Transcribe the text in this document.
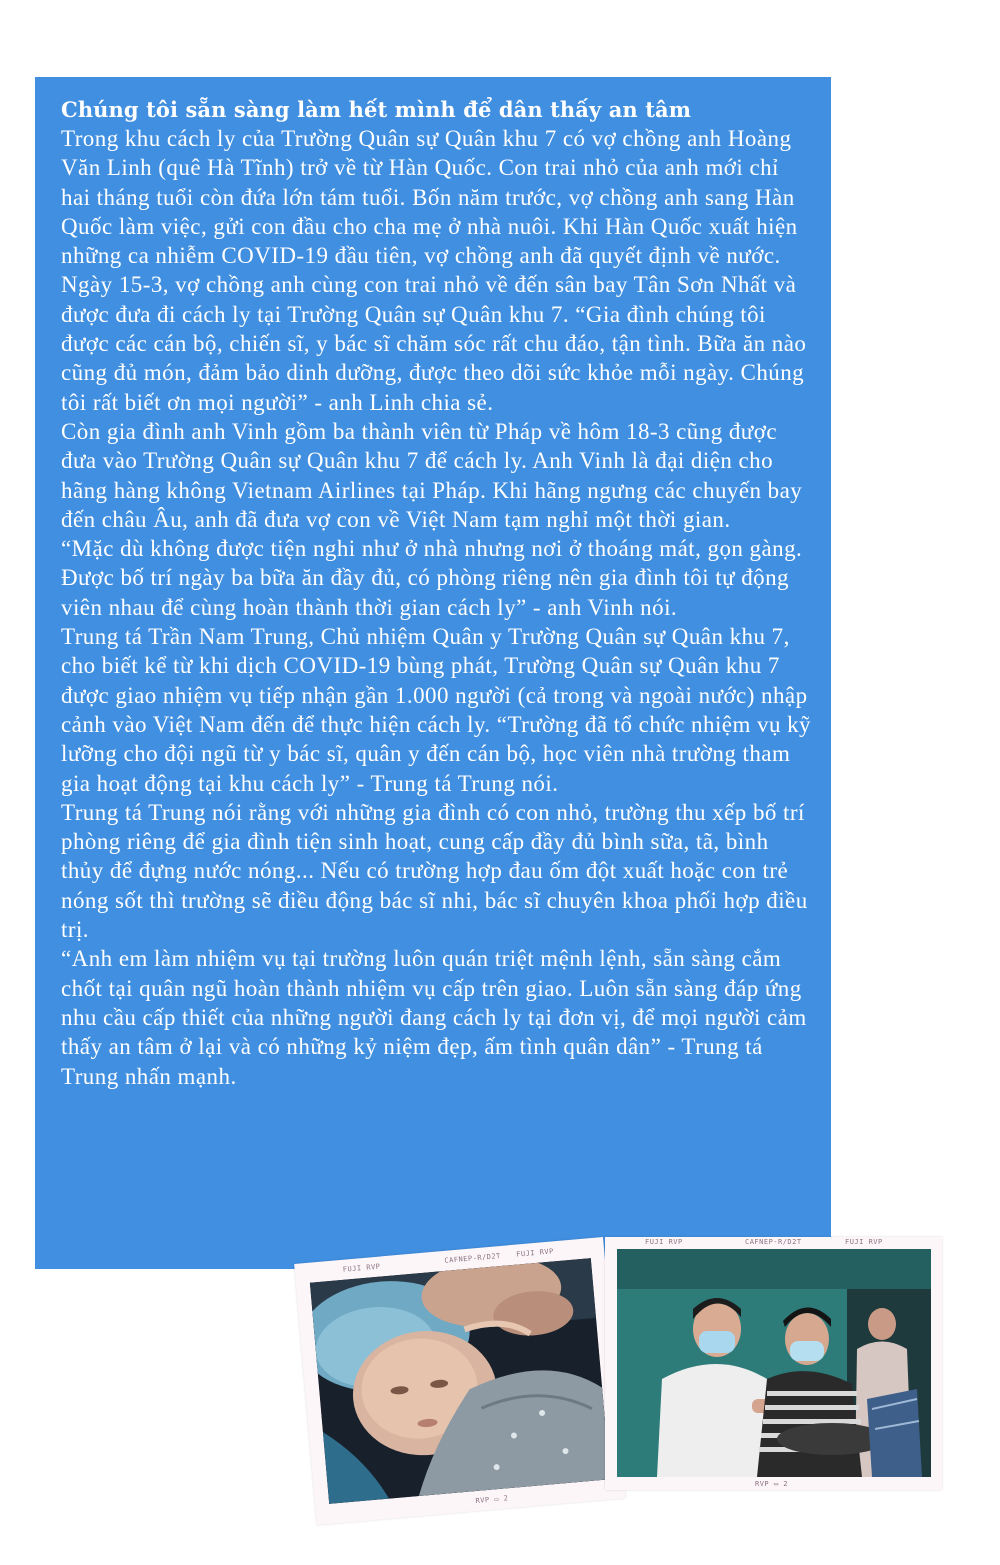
Chúng tôi sẵn sàng làm hết mình để dân thấy an tâm

Trong khu cách ly của Trường Quân sự Quân khu 7 có vợ chồng anh Hoàng Văn Linh (quê Hà Tĩnh) trở về từ Hàn Quốc. Con trai nhỏ của anh mới chỉ hai tháng tuổi còn đứa lớn tám tuổi. Bốn năm trước, vợ chồng anh sang Hàn Quốc làm việc, gửi con đầu cho cha mẹ ở nhà nuôi. Khi Hàn Quốc xuất hiện những ca nhiễm COVID-19 đầu tiên, vợ chồng anh đã quyết định về nước.

Ngày 15-3, vợ chồng anh cùng con trai nhỏ về đến sân bay Tân Sơn Nhất và được đưa đi cách ly tại Trường Quân sự Quân khu 7. “Gia đình chúng tôi được các cán bộ, chiến sĩ, y bác sĩ chăm sóc rất chu đáo, tận tình. Bữa ăn nào cũng đủ món, đảm bảo dinh dưỡng, được theo dõi sức khỏe mỗi ngày. Chúng tôi rất biết ơn mọi người” - anh Linh chia sẻ.

Còn gia đình anh Vinh gồm ba thành viên từ Pháp về hôm 18-3 cũng được đưa vào Trường Quân sự Quân khu 7 để cách ly. Anh Vinh là đại diện cho hãng hàng không Vietnam Airlines tại Pháp. Khi hãng ngưng các chuyến bay đến châu Âu, anh đã đưa vợ con về Việt Nam tạm nghỉ một thời gian.

“Mặc dù không được tiện nghi như ở nhà nhưng nơi ở thoáng mát, gọn gàng. Được bố trí ngày ba bữa ăn đầy đủ, có phòng riêng nên gia đình tôi tự động viên nhau để cùng hoàn thành thời gian cách ly” - anh Vinh nói.

Trung tá Trần Nam Trung, Chủ nhiệm Quân y Trường Quân sự Quân khu 7, cho biết kể từ khi dịch COVID-19 bùng phát, Trường Quân sự Quân khu 7 được giao nhiệm vụ tiếp nhận gần 1.000 người (cả trong và ngoài nước) nhập cảnh vào Việt Nam đến để thực hiện cách ly. “Trường đã tổ chức nhiệm vụ kỹ lưỡng cho đội ngũ từ y bác sĩ, quân y đến cán bộ, học viên nhà trường tham gia hoạt động tại khu cách ly” - Trung tá Trung nói.

Trung tá Trung nói rằng với những gia đình có con nhỏ, trường thu xếp bố trí phòng riêng để gia đình tiện sinh hoạt, cung cấp đầy đủ bình sữa, tã, bình thủy để đựng nước nóng... Nếu có trường hợp đau ốm đột xuất hoặc con trẻ nóng sốt thì trường sẽ điều động bác sĩ nhi, bác sĩ chuyên khoa phối hợp điều trị.

“Anh em làm nhiệm vụ tại trường luôn quán triệt mệnh lệnh, sẵn sàng cắm chốt tại quân ngũ hoàn thành nhiệm vụ cấp trên giao. Luôn sẵn sàng đáp ứng nhu cầu cấp thiết của những người đang cách ly tại đơn vị, để mọi người cảm thấy an tâm ở lại và có những kỷ niệm đẹp, ấm tình quân dân” - Trung tá Trung nhấn mạnh.

FUJI RVP
CAFNEP-R/D2T FUJI RVP
RVP ▭ 2
FUJI RVP	CAFNEP-R/D2T	FUJI RVP
RVP ▭ 2
